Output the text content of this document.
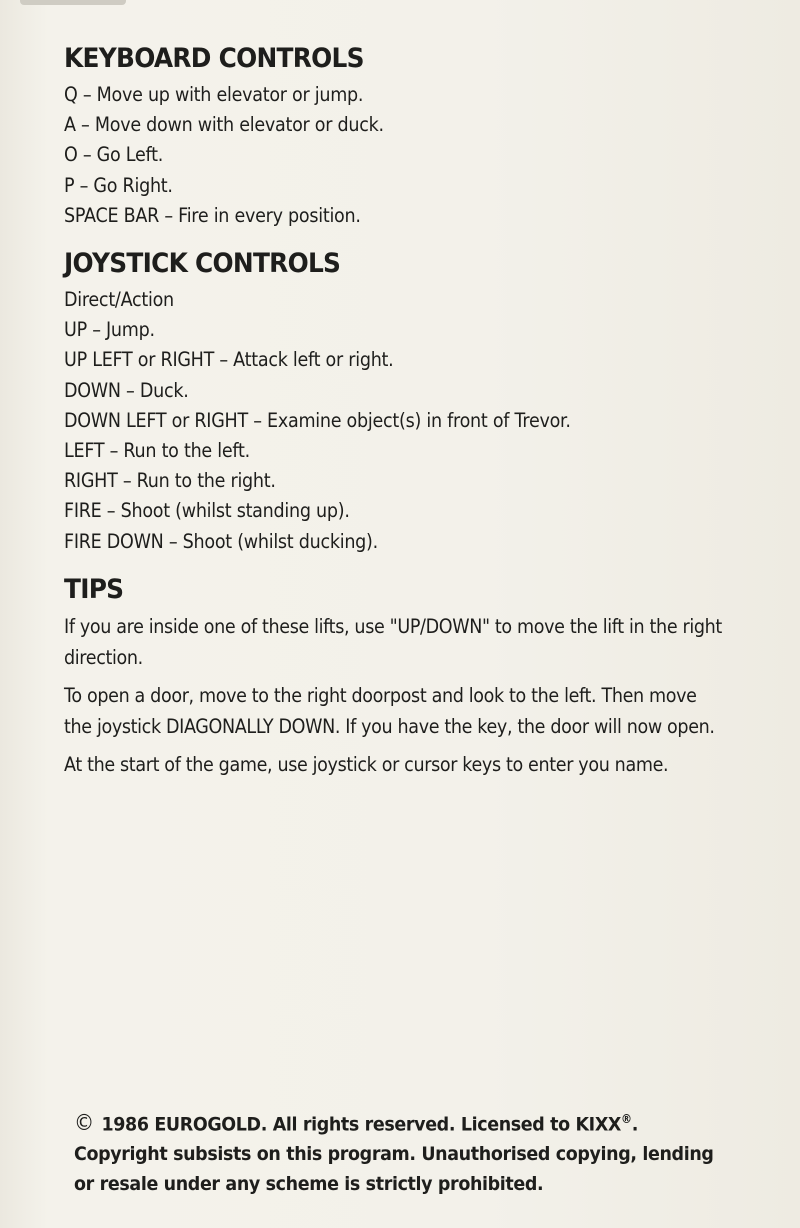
KEYBOARD CONTROLS
Q – Move up with elevator or jump.
A – Move down with elevator or duck.
O – Go Left.
P – Go Right.
SPACE BAR – Fire in every position.
JOYSTICK CONTROLS
Direct/Action
UP – Jump.
UP LEFT or RIGHT – Attack left or right.
DOWN – Duck.
DOWN LEFT or RIGHT – Examine object(s) in front of Trevor.
LEFT – Run to the left.
RIGHT – Run to the right.
FIRE – Shoot (whilst standing up).
FIRE DOWN – Shoot (whilst ducking).
TIPS

If you are inside one of these lifts, use "UP/DOWN" to move the lift in the right direction.

To open a door, move to the right doorpost and look to the left. Then move the joystick DIAGONALLY DOWN. If you have the key, the door will now open.

At the start of the game, use joystick or cursor keys to enter you name.

© 1986 EUROGOLD. All rights reserved. Licensed to KIXX®.
Copyright subsists on this program. Unauthorised copying, lending or resale under any scheme is strictly prohibited.
